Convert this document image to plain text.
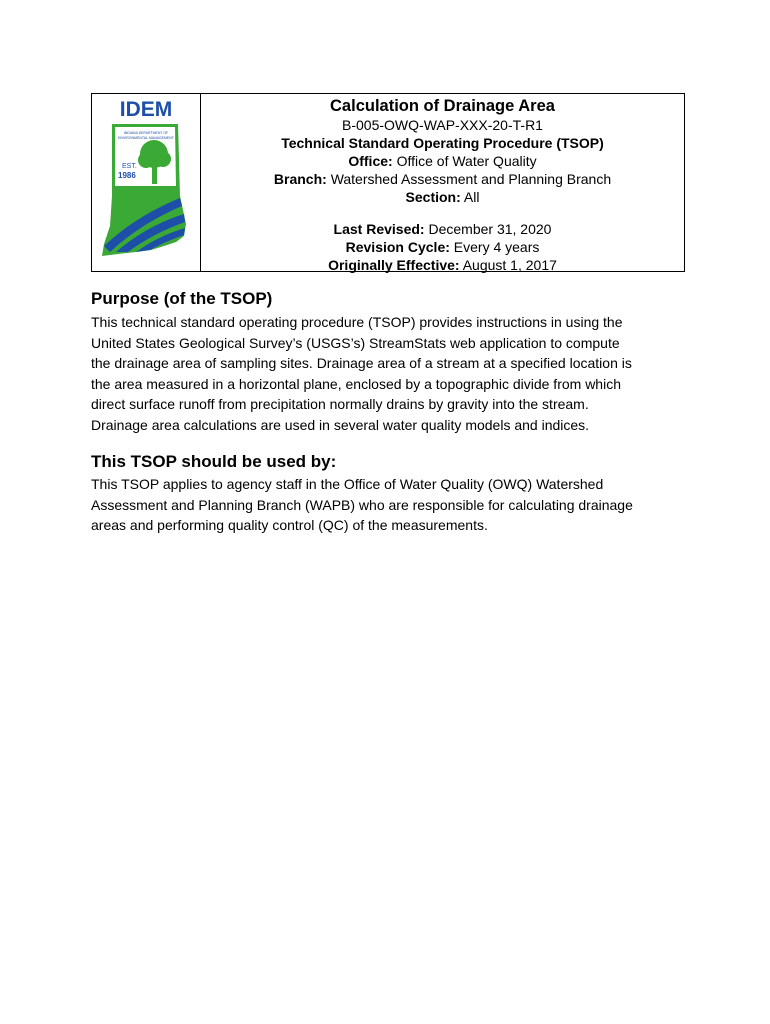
IDEM
EST.
1986
INDIANA DEPARTMENT OF
ENVIRONMENTAL MANAGEMENT
Calculation of Drainage Area
B-005-OWQ-WAP-XXX-20-T-R1
Technical Standard Operating Procedure (TSOP)
Office: Office of Water Quality
Branch: Watershed Assessment and Planning Branch
Section: All
Last Revised: December 31, 2020
Revision Cycle: Every 4 years
Originally Effective: August 1, 2017
Purpose (of the TSOP)
This technical standard operating procedure (TSOP) provides instructions in using the
United States Geological Survey’s (USGS’s) StreamStats web application to compute
the drainage area of sampling sites. Drainage area of a stream at a specified location is
the area measured in a horizontal plane, enclosed by a topographic divide from which
direct surface runoff from precipitation normally drains by gravity into the stream.
Drainage area calculations are used in several water quality models and indices.
This TSOP should be used by:
This TSOP applies to agency staff in the Office of Water Quality (OWQ) Watershed
Assessment and Planning Branch (WAPB) who are responsible for calculating drainage
areas and performing quality control (QC) of the measurements.
